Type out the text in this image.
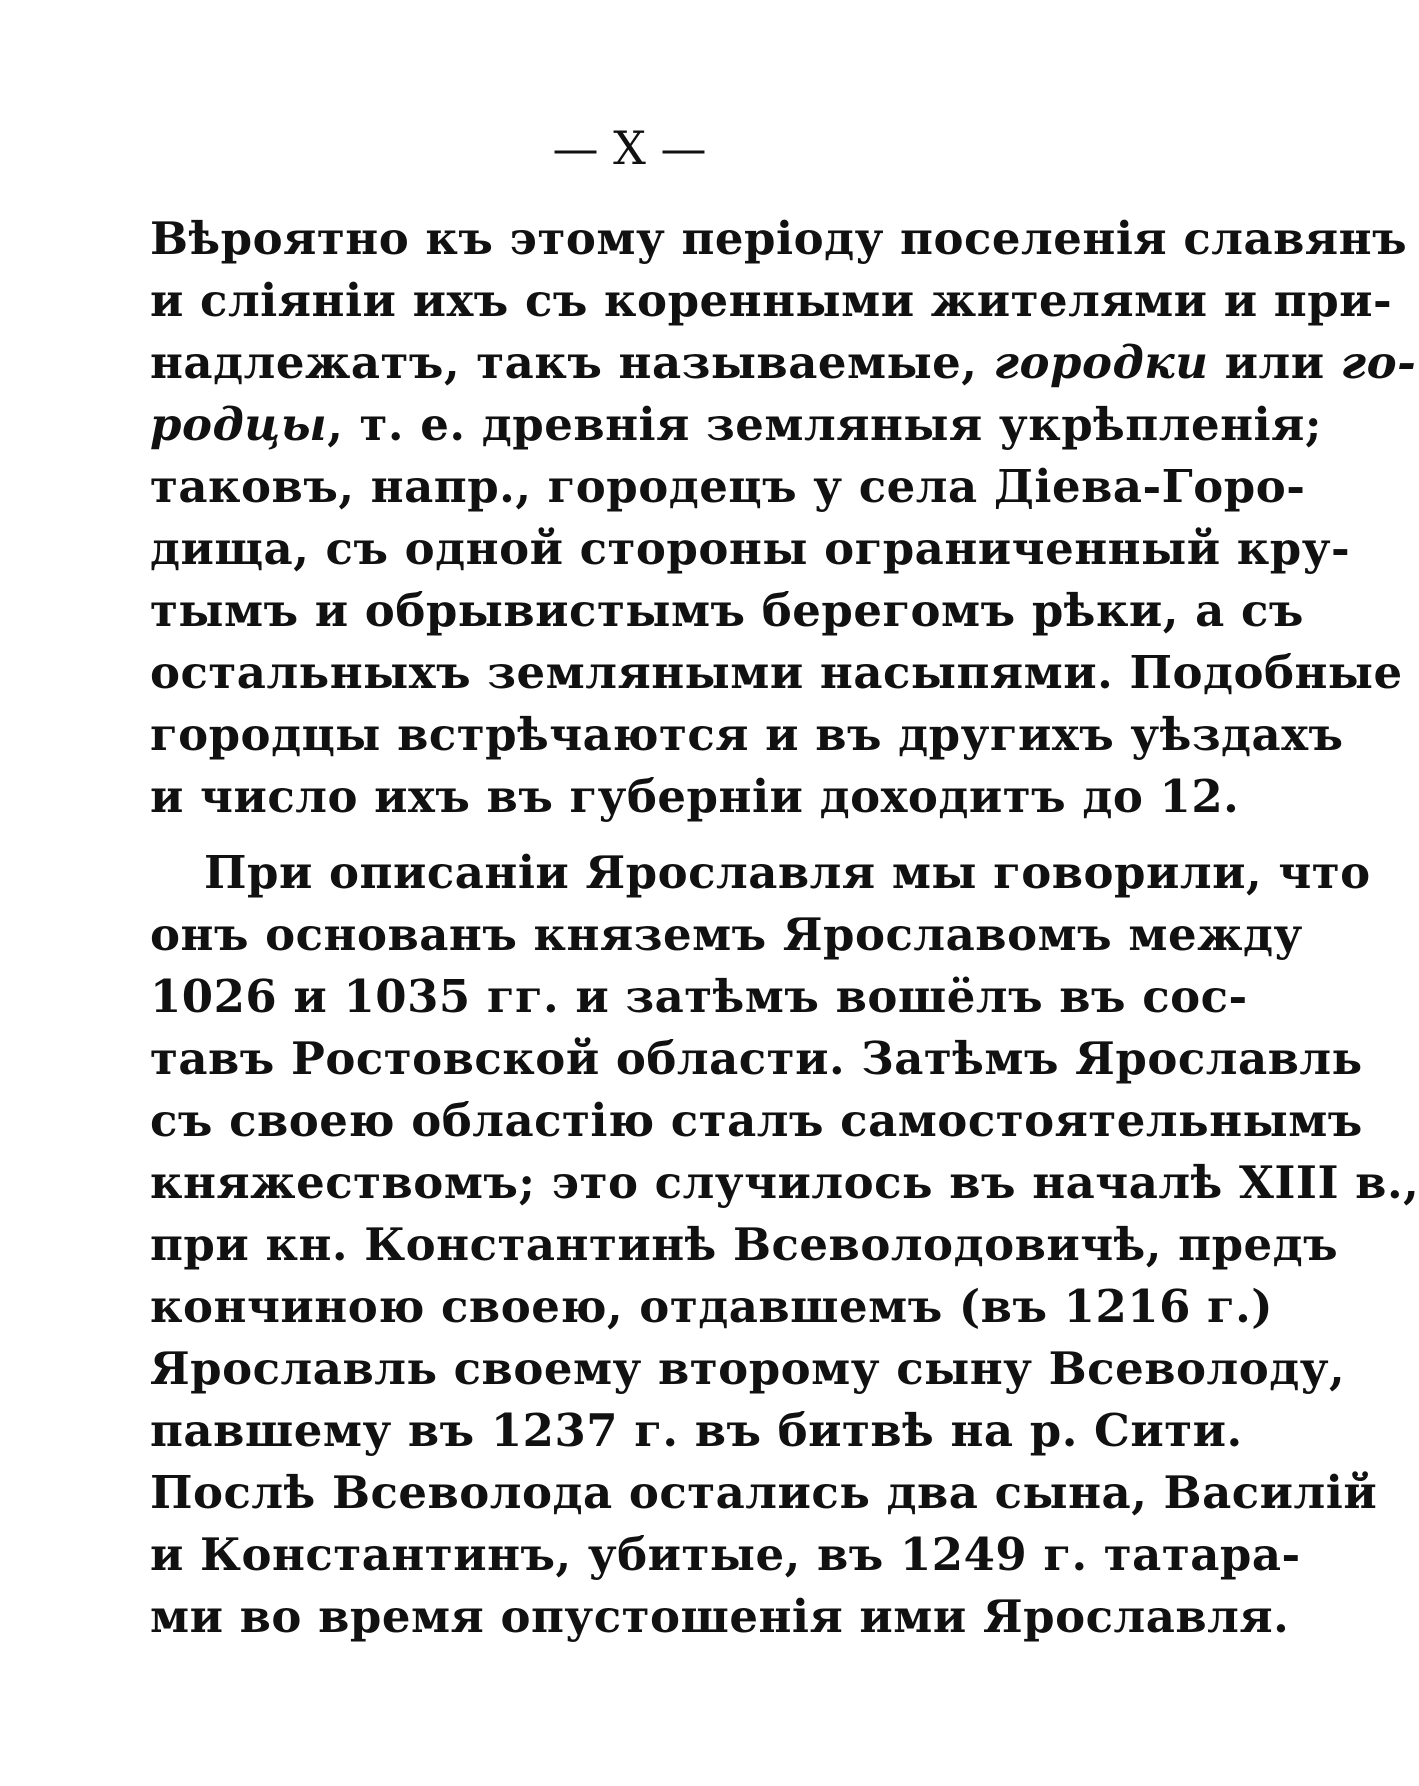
— X —
Вѣроятно къ этому періоду поселенія славянъ
и сліяніи ихъ съ коренными жителями и при-
надлежатъ, такъ называемые, городки или го-
родцы, т. е. древнія земляныя укрѣпленія;
таковъ, напр., городецъ у села Діева-Горо-
дища, съ одной стороны ограниченный кру-
тымъ и обрывистымъ берегомъ рѣки, а съ
остальныхъ земляными насыпями. Подобные
городцы встрѣчаются и въ другихъ уѣздахъ
и число ихъ въ губерніи доходитъ до 12.
При описаніи Ярославля мы говорили, что
онъ основанъ княземъ Ярославомъ между
1026 и 1035 гг. и затѣмъ вошёлъ въ сос-
тавъ Ростовской области. Затѣмъ Ярославль
съ своею областію сталъ самостоятельнымъ
княжествомъ; это случилось въ началѣ XIII в.,
при кн. Константинѣ Всеволодовичѣ, предъ
кончиною своею, отдавшемъ (въ 1216 г.)
Ярославль своему второму сыну Всеволоду,
павшему въ 1237 г. въ битвѣ на р. Сити.
Послѣ Всеволода остались два сына, Василій
и Константинъ, убитые, въ 1249 г. татара-
ми во время опустошенія ими Ярославля.
